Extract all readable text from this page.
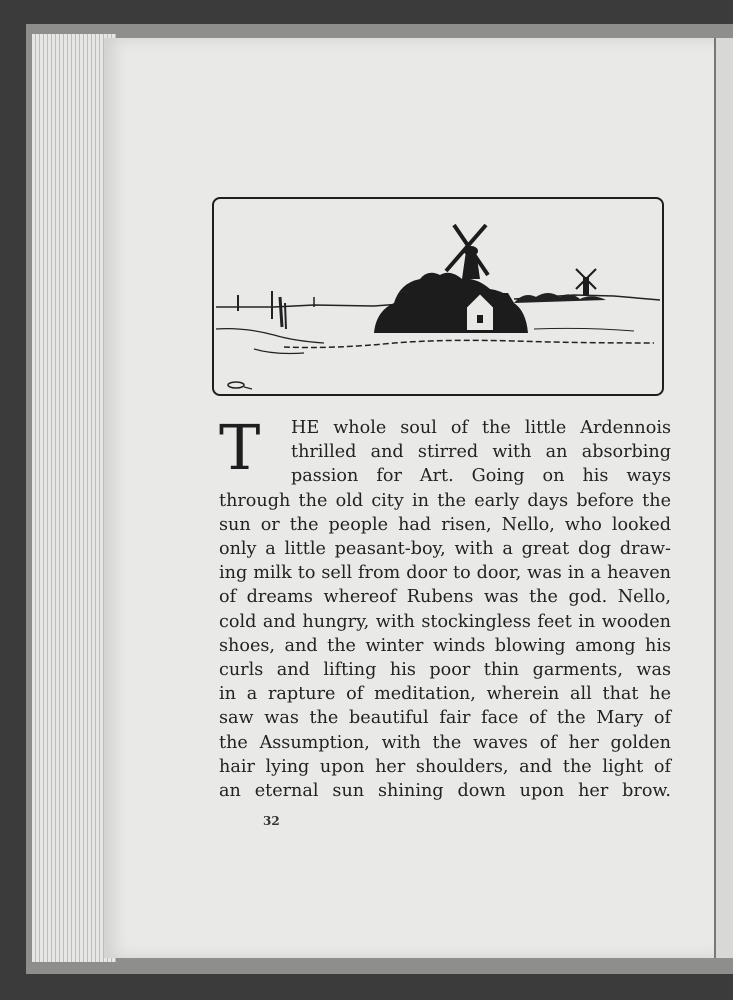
T HE whole soul of the little Ardennois
thrilled and stirred with an absorbing
passion for Art. Going on his ways
through the old city in the early days before the
sun or the people had risen, Nello, who looked
only a little peasant-boy, with a great dog draw-
ing milk to sell from door to door, was in a heaven
of dreams whereof Rubens was the god. Nello,
cold and hungry, with stockingless feet in wooden
shoes, and the winter winds blowing among his
curls and lifting his poor thin garments, was
in a rapture of meditation, wherein all that he
saw was the beautiful fair face of the Mary of
the Assumption, with the waves of her golden
hair lying upon her shoulders, and the light of
an eternal sun shining down upon her brow.
32
